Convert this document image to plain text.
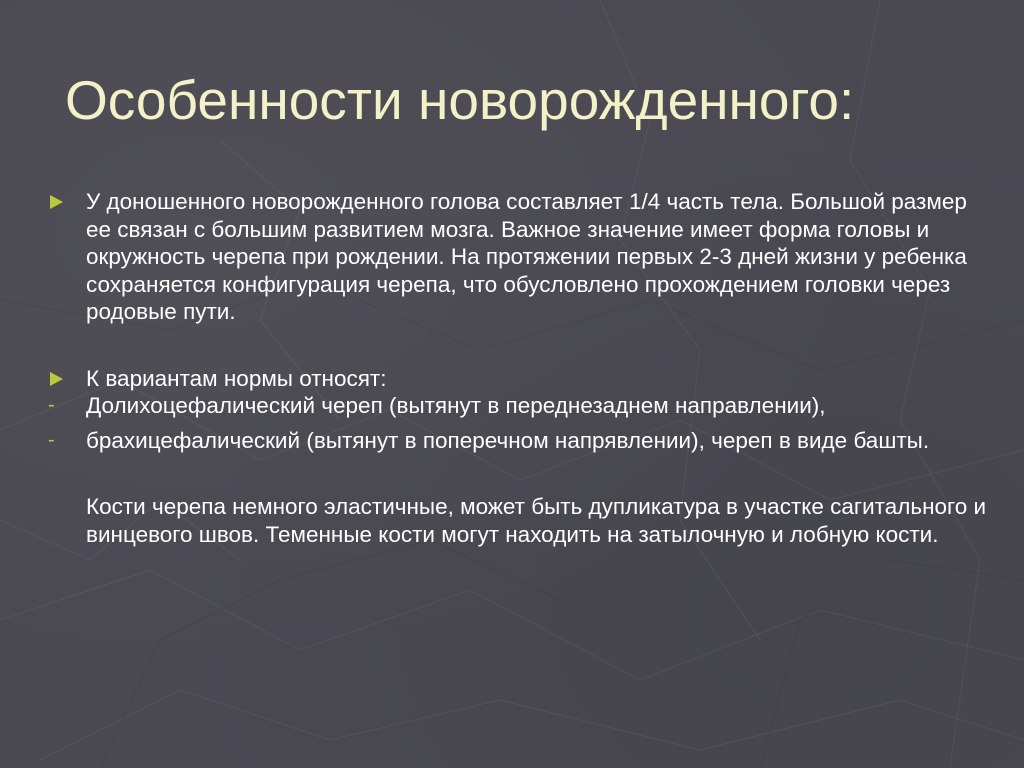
Особенности новорожденного:
У доношенного новорожденного голова составляет 1/4 часть тела. Большой размер ее связан с большим развитием мозга. Важное значение имеет форма головы и окружность черепа при рождении. На протяжении первых 2-3 дней жизни у ребенка сохраняется конфигурация черепа, что обусловлено прохождением головки через родовые пути.
К вариантам нормы относят:
- Долихоцефалический череп (вытянут в переднезаднем направлении),
- брахицефалический (вытянут в поперечном напрявлении), череп в виде башты.
Кости черепа немного эластичные, может быть дупликатура в участке сагитального и винцевого швов. Теменные кости могут находить на затылочную и лобную кости.
